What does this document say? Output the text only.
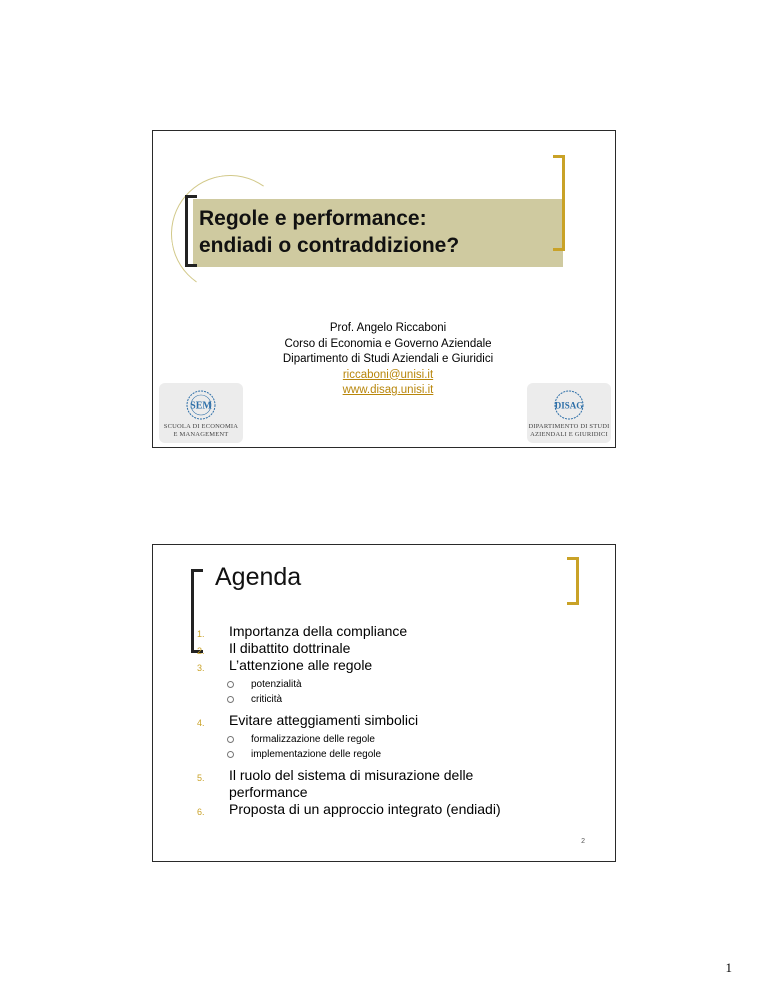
Regole e performance:
endiadi o contraddizione?
Prof. Angelo Riccaboni
Corso di Economia e Governo Aziendale
Dipartimento di Studi Aziendali e Giuridici
riccaboni@unisi.it
www.disag.unisi.it
SEM
SCUOLA DI ECONOMIA
E MANAGEMENT
DISAG
DIPARTIMENTO DI STUDI
AZIENDALI E GIURIDICI
Agenda
1. Importanza della compliance
2. Il dibattito dottrinale
3. L’attenzione alle regole
potenzialità
criticità
4. Evitare atteggiamenti simbolici
formalizzazione delle regole
implementazione delle regole
5. Il ruolo del sistema di misurazione delle performance
6. Proposta di un approccio integrato (endiadi)
2
1
